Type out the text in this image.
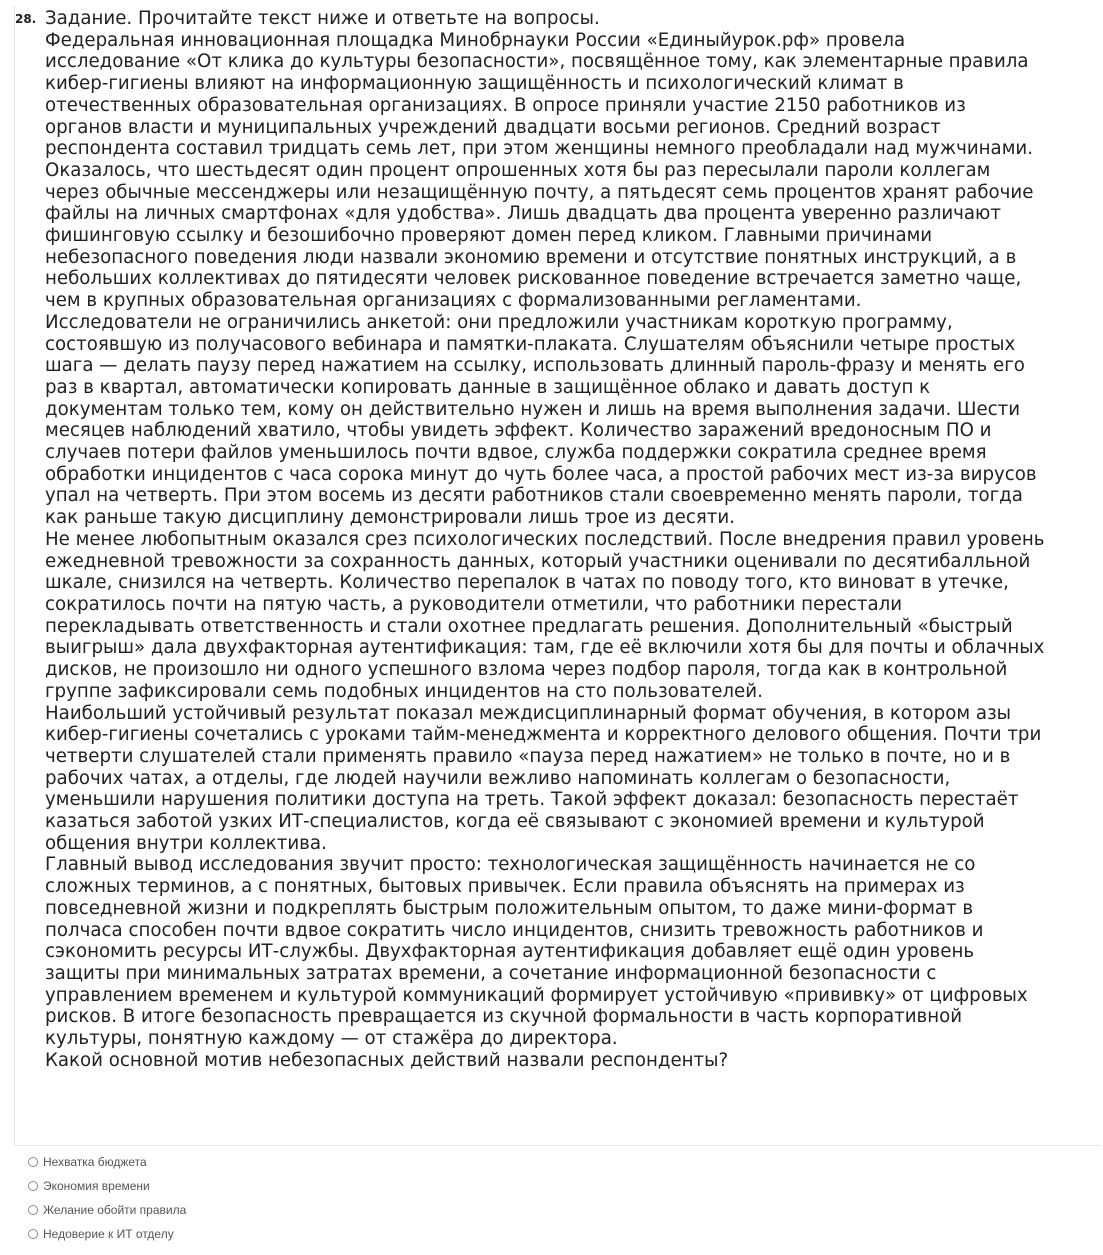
28. Задание. Прочитайте текст ниже и ответьте на вопросы.

Федеральная инновационная площадка Минобрнауки России «Единыйурок.рф» провела исследование «От клика до культуры безопасности», посвящённое тому, как элементарные правила кибер-гигиены влияют на информационную защищённость и психологический климат в отечественных образовательная организациях. В опросе приняли участие 2150 работников из органов власти и муниципальных учреждений двадцати восьми регионов. Средний возраст респондента составил тридцать семь лет, при этом женщины немного преобладали над мужчинами. Оказалось, что шестьдесят один процент опрошенных хотя бы раз пересылали пароли коллегам через обычные мессенджеры или незащищённую почту, а пятьдесят семь процентов хранят рабочие файлы на личных смартфонах «для удобства». Лишь двадцать два процента уверенно различают фишинговую ссылку и безошибочно проверяют домен перед кликом. Главными причинами небезопасного поведения люди назвали экономию времени и отсутствие понятных инструкций, а в небольших коллективах до пятидесяти человек рискованное поведение встречается заметно чаще, чем в крупных образовательная организациях с формализованными регламентами.

Исследователи не ограничились анкетой: они предложили участникам короткую программу, состоявшую из получасового вебинара и памятки-плаката. Слушателям объяснили четыре простых шага — делать паузу перед нажатием на ссылку, использовать длинный пароль-фразу и менять его раз в квартал, автоматически копировать данные в защищённое облако и давать доступ к документам только тем, кому он действительно нужен и лишь на время выполнения задачи. Шести месяцев наблюдений хватило, чтобы увидеть эффект. Количество заражений вредоносным ПО и случаев потери файлов уменьшилось почти вдвое, служба поддержки сократила среднее время обработки инцидентов с часа сорока минут до чуть более часа, а простой рабочих мест из-за вирусов упал на четверть. При этом восемь из десяти работников стали своевременно менять пароли, тогда как раньше такую дисциплину демонстрировали лишь трое из десяти.

Не менее любопытным оказался срез психологических последствий. После внедрения правил уровень ежедневной тревожности за сохранность данных, который участники оценивали по десятибалльной шкале, снизился на четверть. Количество перепалок в чатах по поводу того, кто виноват в утечке, сократилось почти на пятую часть, а руководители отметили, что работники перестали перекладывать ответственность и стали охотнее предлагать решения. Дополнительный «быстрый выигрыш» дала двухфакторная аутентификация: там, где её включили хотя бы для почты и облачных дисков, не произошло ни одного успешного взлома через подбор пароля, тогда как в контрольной группе зафиксировали семь подобных инцидентов на сто пользователей.

Наибольший устойчивый результат показал междисциплинарный формат обучения, в котором азы кибер-гигиены сочетались с уроками тайм-менеджмента и корректного делового общения. Почти три четверти слушателей стали применять правило «пауза перед нажатием» не только в почте, но и в рабочих чатах, а отделы, где людей научили вежливо напоминать коллегам о безопасности, уменьшили нарушения политики доступа на треть. Такой эффект доказал: безопасность перестаёт казаться заботой узких ИТ-специалистов, когда её связывают с экономией времени и культурой общения внутри коллектива.

Главный вывод исследования звучит просто: технологическая защищённость начинается не со сложных терминов, а с понятных, бытовых привычек. Если правила объяснять на примерах из повседневной жизни и подкреплять быстрым положительным опытом, то даже мини-формат в полчаса способен почти вдвое сократить число инцидентов, снизить тревожность работников и сэкономить ресурсы ИТ-службы. Двухфакторная аутентификация добавляет ещё один уровень защиты при минимальных затратах времени, а сочетание информационной безопасности с управлением временем и культурой коммуникаций формирует устойчивую «прививку» от цифровых рисков. В итоге безопасность превращается из скучной формальности в часть корпоративной культуры, понятную каждому — от стажёра до директора.

Какой основной мотив небезопасных действий назвали респонденты?

Нехватка бюджета
Экономия времени
Желание обойти правила
Недоверие к ИТ отделу
